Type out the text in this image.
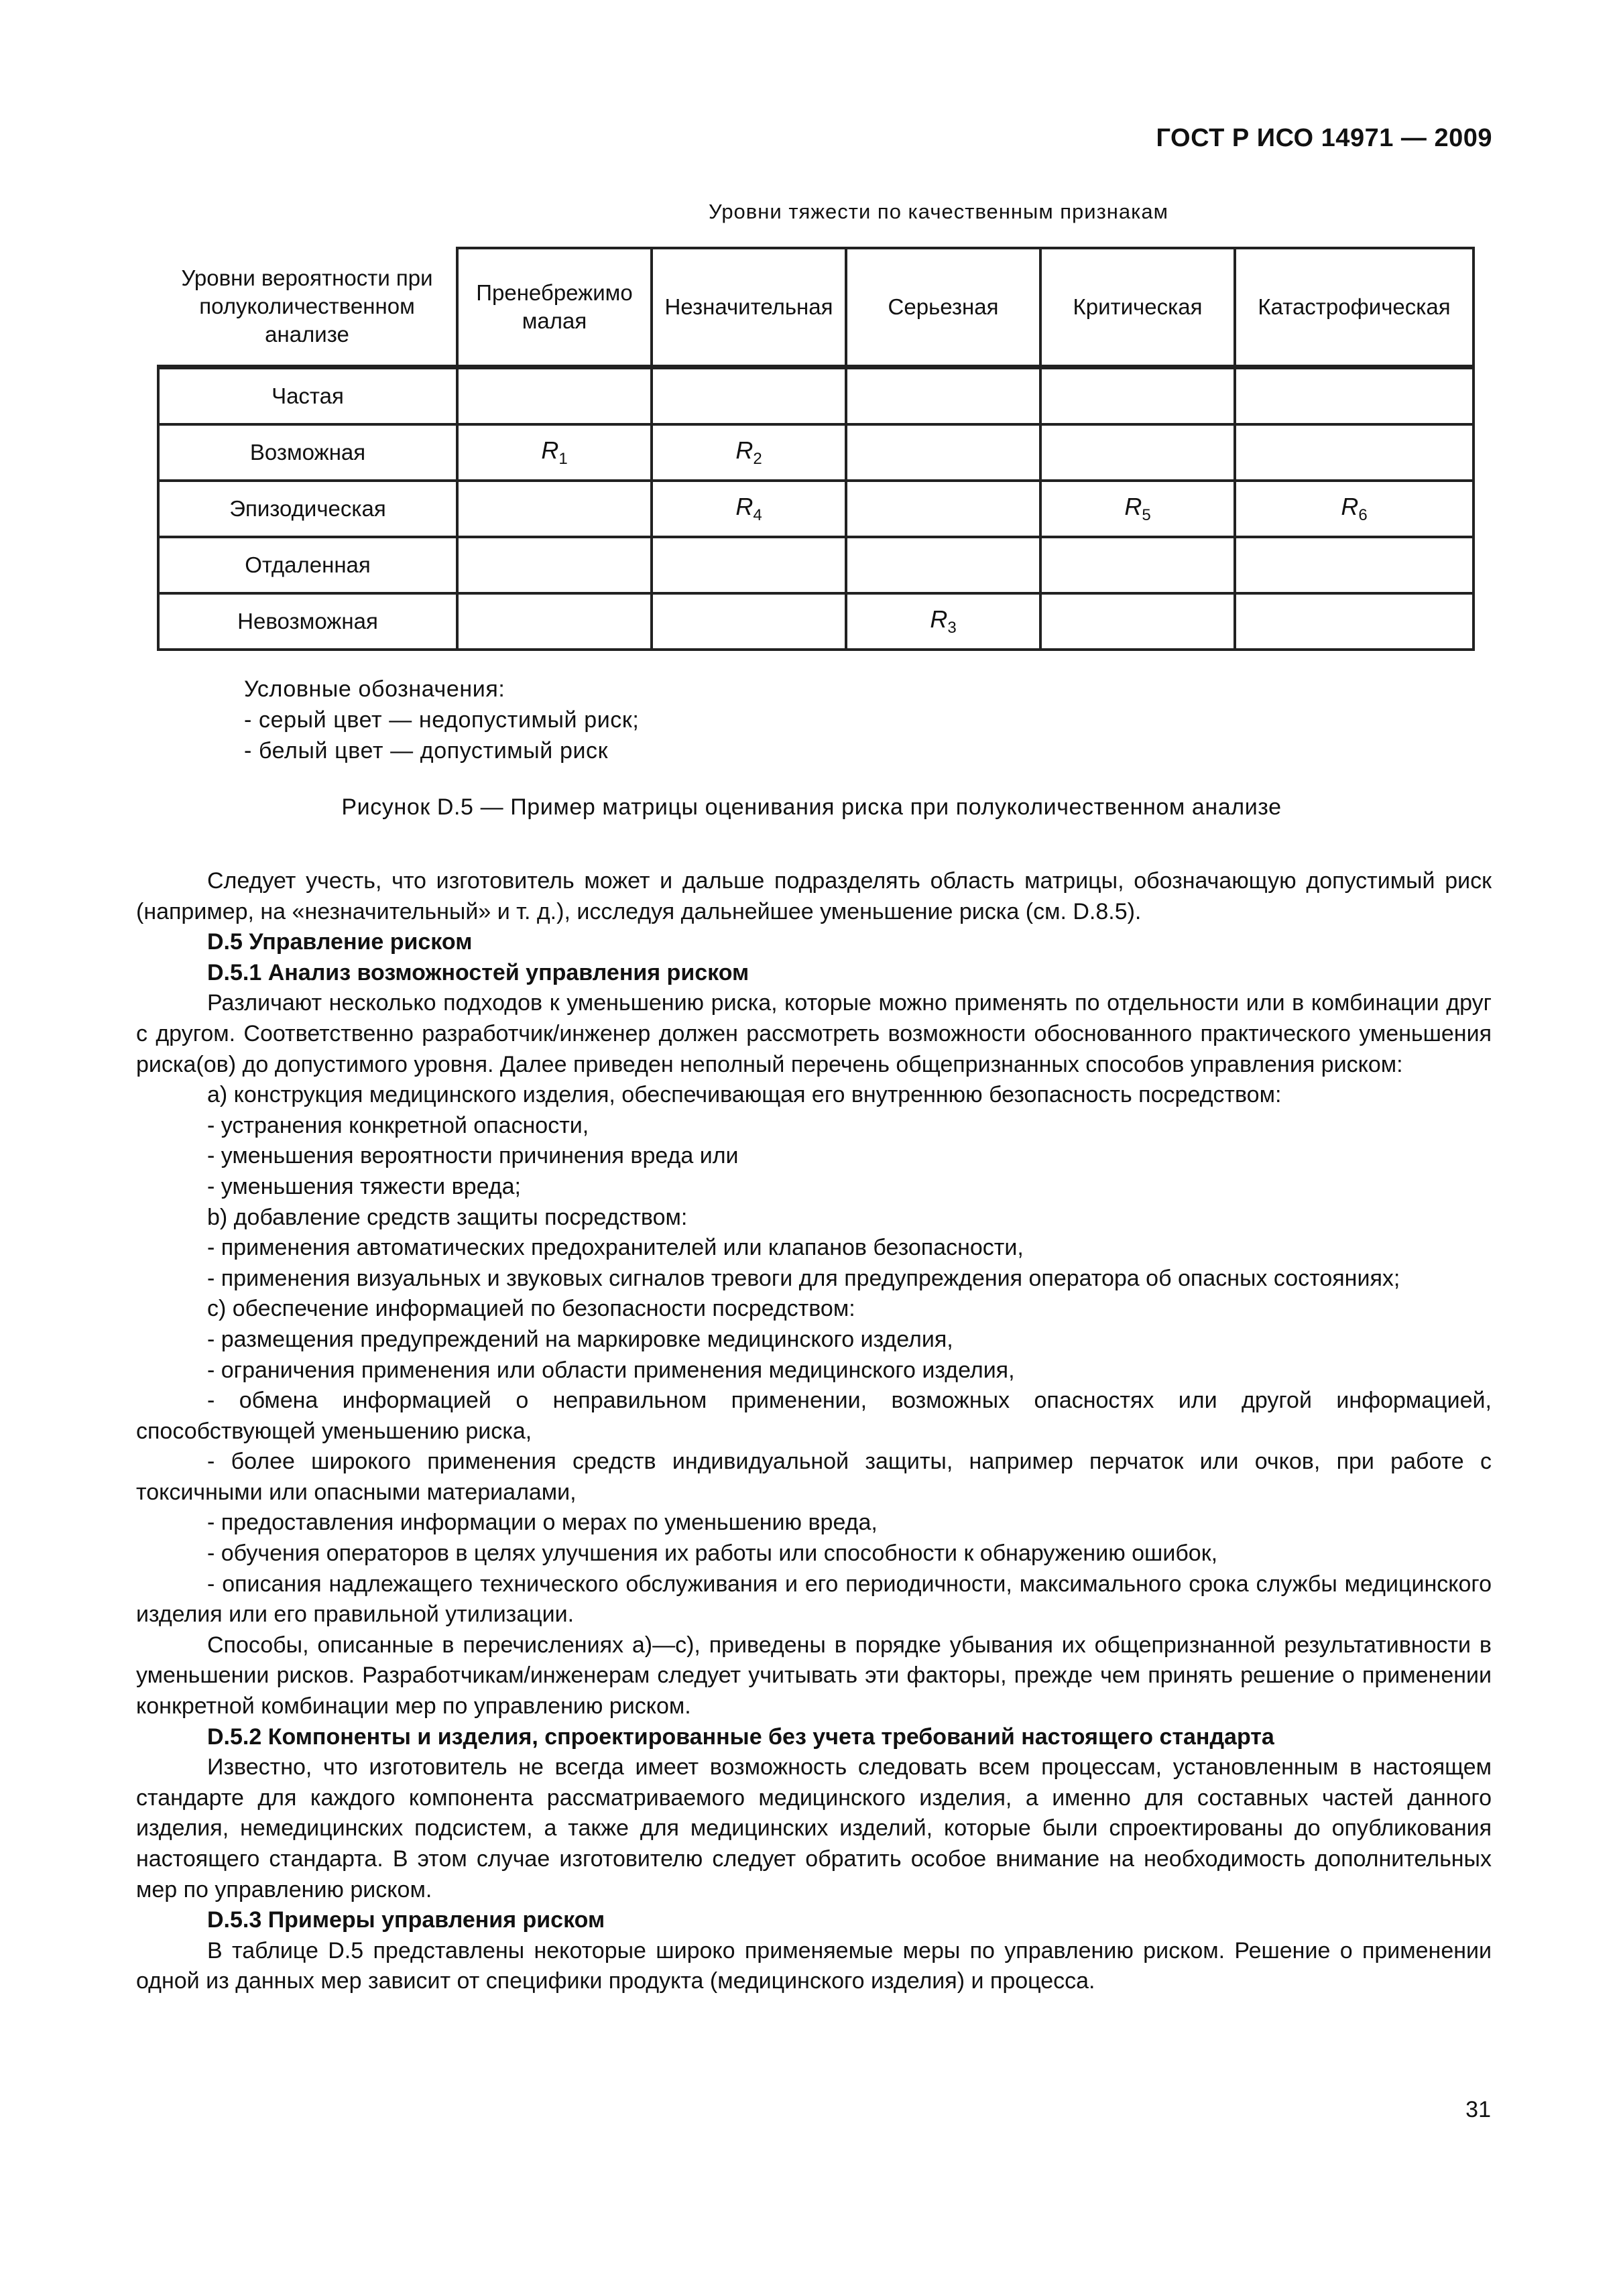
ГОСТ Р ИСО 14971 — 2009
Уровни тяжести по качественным признакам
Уровни вероятности при полуколичественном анализе	Пренебрежимо малая	Незначительная	Серьезная	Критическая	Катастрофическая
Частая					
Возможная	$R_1$	$R_2$			
Эпизодическая		$R_4$		$R_5$	$R_6$
Отдаленная					
Невозможная			$R_3$		
Условные обозначения:
- серый цвет — недопустимый риск;
- белый цвет — допустимый риск
Рисунок D.5 — Пример матрицы оценивания риска при полуколичественном анализе

Следует учесть, что изготовитель может и дальше подразделять область матрицы, обозначающую допустимый риск (например, на «незначительный» и т. д.), исследуя дальнейшее уменьшение риска (см. D.8.5).

D.5 Управление риском

D.5.1 Анализ возможностей управления риском

Различают несколько подходов к уменьшению риска, которые можно применять по отдельности или в комбинации друг с другом. Соответственно разработчик/инженер должен рассмотреть возможности обоснованного практического уменьшения риска(ов) до допустимого уровня. Далее приведен неполный перечень общепризнанных способов управления риском:

a) конструкция медицинского изделия, обеспечивающая его внутреннюю безопасность посредством:

- устранения конкретной опасности,

- уменьшения вероятности причинения вреда или

- уменьшения тяжести вреда;

b) добавление средств защиты посредством:

- применения автоматических предохранителей или клапанов безопасности,

- применения визуальных и звуковых сигналов тревоги для предупреждения оператора об опасных состояниях;

c) обеспечение информацией по безопасности посредством:

- размещения предупреждений на маркировке медицинского изделия,

- ограничения применения или области применения медицинского изделия,

- обмена информацией о неправильном применении, возможных опасностях или другой информацией, способствующей уменьшению риска,

- более широкого применения средств индивидуальной защиты, например перчаток или очков, при работе с токсичными или опасными материалами,

- предоставления информации о мерах по уменьшению вреда,

- обучения операторов в целях улучшения их работы или способности к обнаружению ошибок,

- описания надлежащего технического обслуживания и его периодичности, максимального срока службы медицинского изделия или его правильной утилизации.

Способы, описанные в перечислениях а)—с), приведены в порядке убывания их общепризнанной результативности в уменьшении рисков. Разработчикам/инженерам следует учитывать эти факторы, прежде чем принять решение о применении конкретной комбинации мер по управлению риском.

D.5.2 Компоненты и изделия, спроектированные без учета требований настоящего стандарта

Известно, что изготовитель не всегда имеет возможность следовать всем процессам, установленным в настоящем стандарте для каждого компонента рассматриваемого медицинского изделия, а именно для составных частей данного изделия, немедицинских подсистем, а также для медицинских изделий, которые были спроектированы до опубликования настоящего стандарта. В этом случае изготовителю следует обратить особое внимание на необходимость дополнительных мер по управлению риском.

D.5.3 Примеры управления риском

В таблице D.5 представлены некоторые широко применяемые меры по управлению риском. Решение о применении одной из данных мер зависит от специфики продукта (медицинского изделия) и процесса.

31
